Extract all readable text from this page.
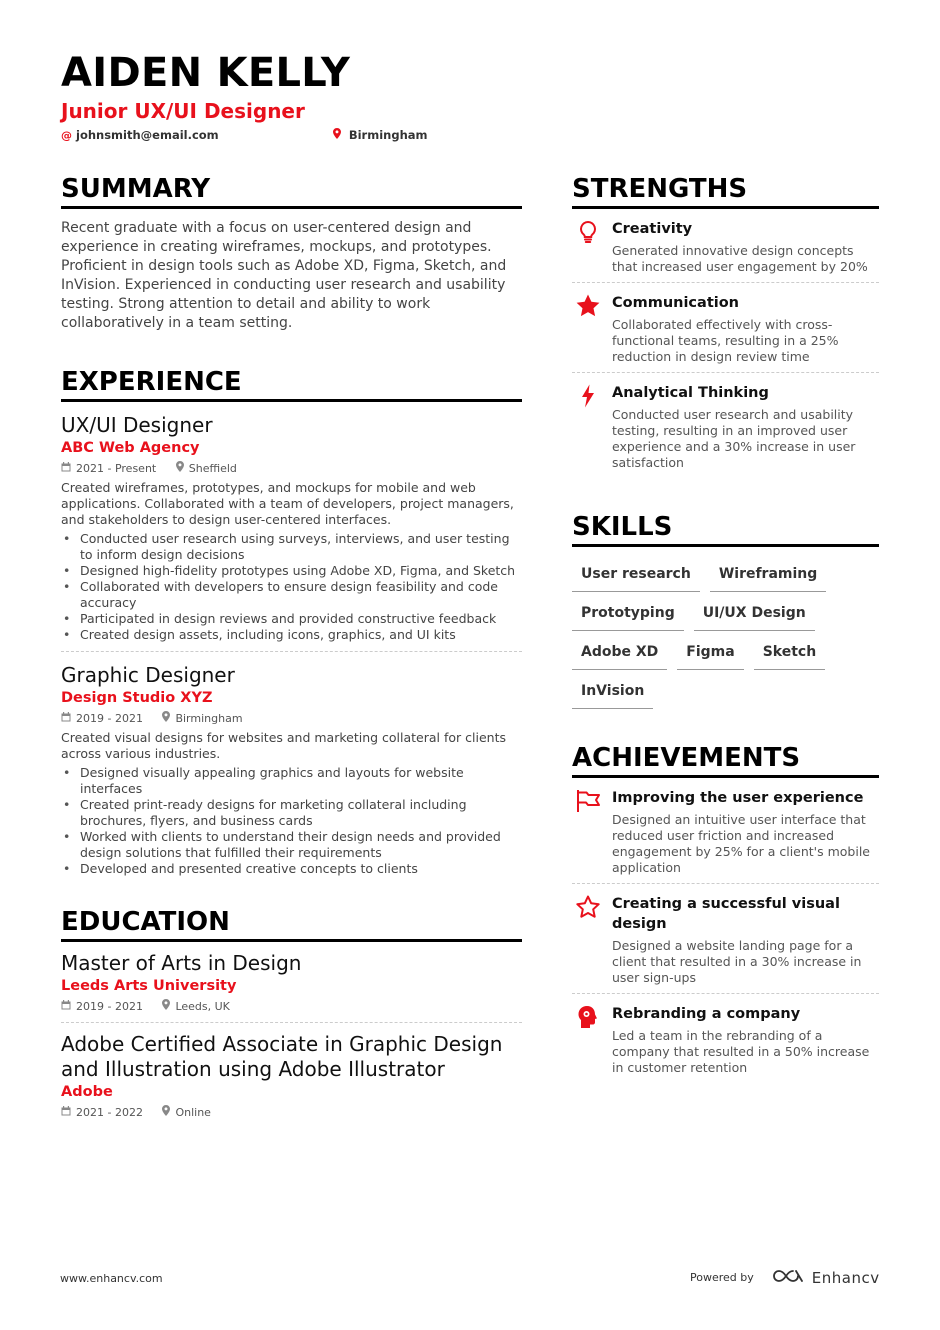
AIDEN KELLY
Junior UX/UI Designer
@ johnsmith@email.com	Birmingham
SUMMARY
Recent graduate with a focus on user-centered design and experience in creating wireframes, mockups, and prototypes. Proficient in design tools such as Adobe XD, Figma, Sketch, and InVision. Experienced in conducting user research and usability testing. Strong attention to detail and ability to work collaboratively in a team setting.
EXPERIENCE
UX/UI Designer
ABC Web Agency
2021 - Present	Sheffield
Created wireframes, prototypes, and mockups for mobile and web applications. Collaborated with a team of developers, project managers, and stakeholders to design user-centered interfaces.
• Conducted user research using surveys, interviews, and user testing to inform design decisions
• Designed high-fidelity prototypes using Adobe XD, Figma, and Sketch
• Collaborated with developers to ensure design feasibility and code accuracy
• Participated in design reviews and provided constructive feedback
• Created design assets, including icons, graphics, and UI kits
Graphic Designer
Design Studio XYZ
2019 - 2021	Birmingham
Created visual designs for websites and marketing collateral for clients across various industries.
• Designed visually appealing graphics and layouts for website interfaces
• Created print-ready designs for marketing collateral including brochures, flyers, and business cards
• Worked with clients to understand their design needs and provided design solutions that fulfilled their requirements
• Developed and presented creative concepts to clients
EDUCATION
Master of Arts in Design
Leeds Arts University
2019 - 2021	Leeds, UK
Adobe Certified Associate in Graphic Design and Illustration using Adobe Illustrator
Adobe
2021 - 2022	Online
STRENGTHS
Creativity
Generated innovative design concepts that increased user engagement by 20%
Communication
Collaborated effectively with cross-functional teams, resulting in a 25% reduction in design review time
Analytical Thinking
Conducted user research and usability testing, resulting in an improved user experience and a 30% increase in user satisfaction
SKILLS
User research	Wireframing
Prototyping	UI/UX Design
Adobe XD	Figma	Sketch
InVision
ACHIEVEMENTS
Improving the user experience
Designed an intuitive user interface that reduced user friction and increased engagement by 25% for a client's mobile application
Creating a successful visual design
Designed a website landing page for a client that resulted in a 30% increase in user sign-ups
Rebranding a company
Led a team in the rebranding of a company that resulted in a 50% increase in customer retention
www.enhancv.com	Powered by	Enhancv
